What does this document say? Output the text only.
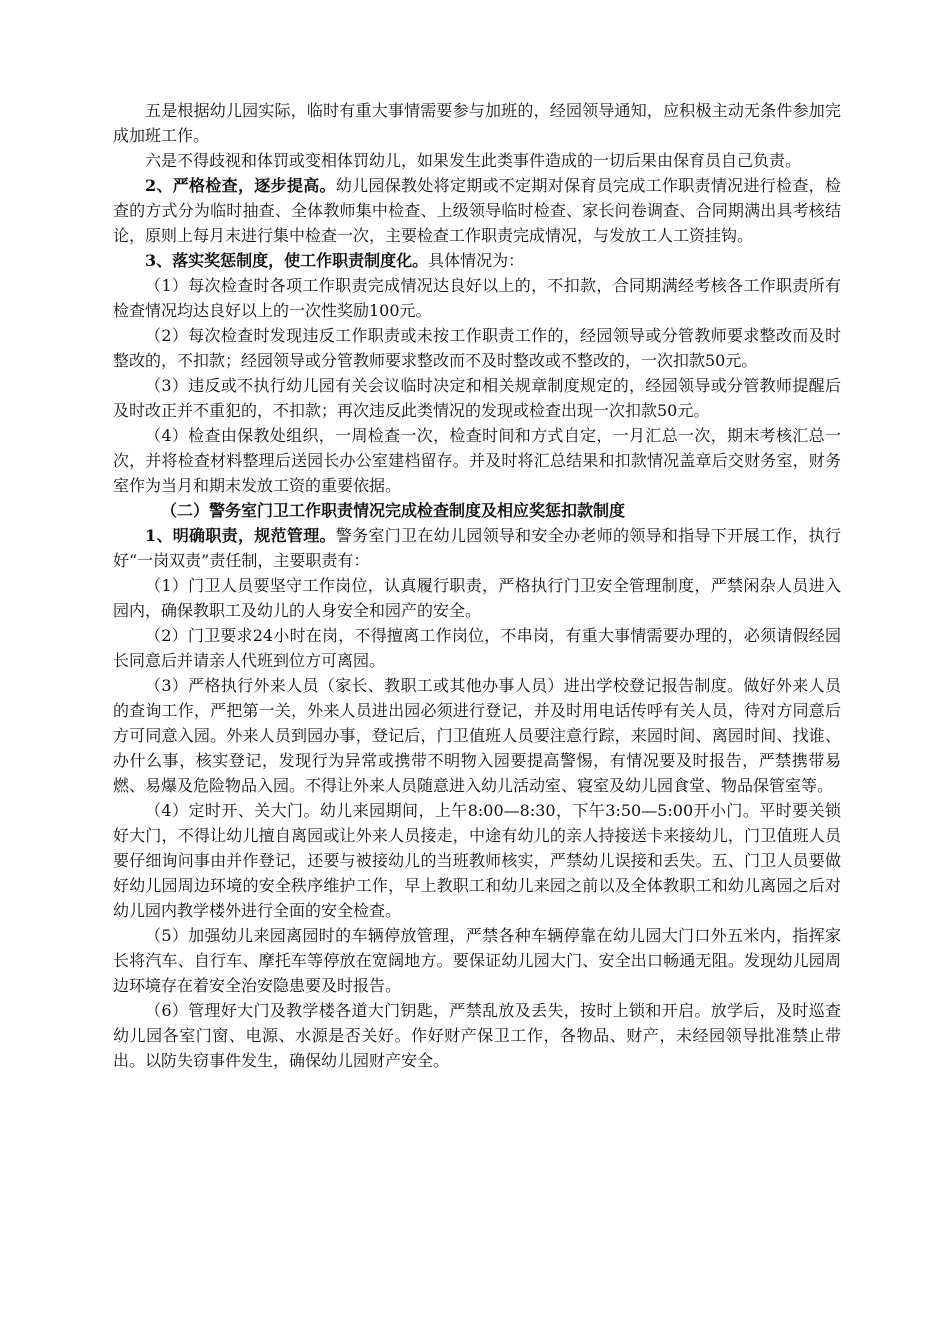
五是根据幼儿园实际，临时有重大事情需要参与加班的，经园领导通知，应积极主动无条件参加完成加班工作。

六是不得歧视和体罚或变相体罚幼儿，如果发生此类事件造成的一切后果由保育员自己负责。

2、严格检查，逐步提高。幼儿园保教处将定期或不定期对保育员完成工作职责情况进行检查，检查的方式分为临时抽查、全体教师集中检查、上级领导临时检查、家长问卷调查、合同期满出具考核结论，原则上每月末进行集中检查一次，主要检查工作职责完成情况，与发放工人工资挂钩。

3、落实奖惩制度，使工作职责制度化。具体情况为：

（1）每次检查时各项工作职责完成情况达良好以上的，不扣款，合同期满经考核各工作职责所有检查情况均达良好以上的一次性奖励100元。

（2）每次检查时发现违反工作职责或未按工作职责工作的，经园领导或分管教师要求整改而及时整改的，不扣款；经园领导或分管教师要求整改而不及时整改或不整改的，一次扣款50元。

（3）违反或不执行幼儿园有关会议临时决定和相关规章制度规定的，经园领导或分管教师提醒后及时改正并不重犯的，不扣款；再次违反此类情况的发现或检查出现一次扣款50元。

（4）检查由保教处组织，一周检查一次，检查时间和方式自定，一月汇总一次，期末考核汇总一次，并将检查材料整理后送园长办公室建档留存。并及时将汇总结果和扣款情况盖章后交财务室，财务室作为当月和期末发放工资的重要依据。

（二）警务室门卫工作职责情况完成检查制度及相应奖惩扣款制度

1、明确职责，规范管理。警务室门卫在幼儿园领导和安全办老师的领导和指导下开展工作，执行好“一岗双责”责任制，主要职责有：

（1）门卫人员要坚守工作岗位，认真履行职责，严格执行门卫安全管理制度，严禁闲杂人员进入园内，确保教职工及幼儿的人身安全和园产的安全。

（2）门卫要求24小时在岗，不得擅离工作岗位，不串岗，有重大事情需要办理的，必须请假经园长同意后并请亲人代班到位方可离园。

（3）严格执行外来人员（家长、教职工或其他办事人员）进出学校登记报告制度。做好外来人员的查询工作，严把第一关，外来人员进出园必须进行登记，并及时用电话传呼有关人员，待对方同意后方可同意入园。外来人员到园办事，登记后，门卫值班人员要注意行踪，来园时间、离园时间、找谁、办什么事，核实登记，发现行为异常或携带不明物入园要提高警惕，有情况要及时报告，严禁携带易燃、易爆及危险物品入园。不得让外来人员随意进入幼儿活动室、寝室及幼儿园食堂、物品保管室等。

（4）定时开、关大门。幼儿来园期间，上午8:00—8:30，下午3:50—5:00开小门。平时要关锁好大门，不得让幼儿擅自离园或让外来人员接走，中途有幼儿的亲人持接送卡来接幼儿，门卫值班人员要仔细询问事由并作登记，还要与被接幼儿的当班教师核实，严禁幼儿误接和丢失。五、门卫人员要做好幼儿园周边环境的安全秩序维护工作，早上教职工和幼儿来园之前以及全体教职工和幼儿离园之后对幼儿园内教学楼外进行全面的安全检查。

（5）加强幼儿来园离园时的车辆停放管理，严禁各种车辆停靠在幼儿园大门口外五米内，指挥家长将汽车、自行车、摩托车等停放在宽阔地方。要保证幼儿园大门、安全出口畅通无阻。发现幼儿园周边环境存在着安全治安隐患要及时报告。

（6）管理好大门及教学楼各道大门钥匙，严禁乱放及丢失，按时上锁和开启。放学后，及时巡查幼儿园各室门窗、电源、水源是否关好。作好财产保卫工作，各物品、财产，未经园领导批准禁止带出。以防失窃事件发生，确保幼儿园财产安全。
